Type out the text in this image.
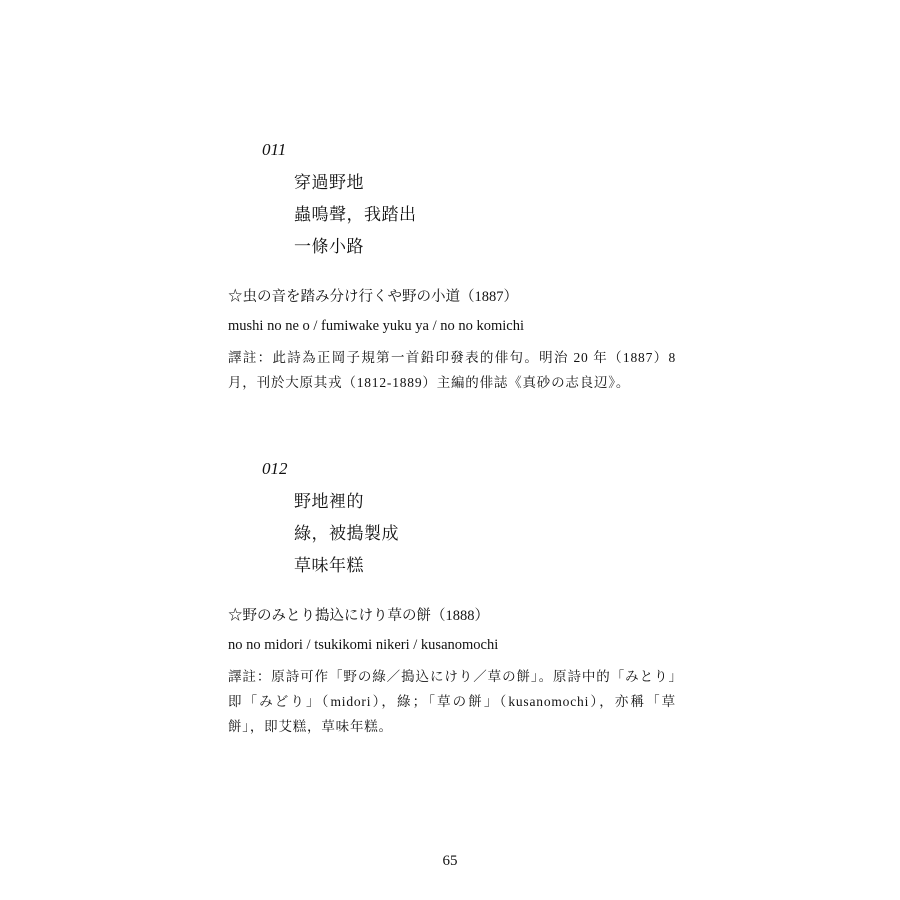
011
穿過野地
蟲鳴聲，我踏出
一條小路
☆虫の音を踏み分け行くや野の小道（1887）
mushi no ne o / fumiwake yuku ya / no no komichi
譯註：此詩為正岡子規第一首鉛印發表的俳句。明治 20 年（1887）8 月，刊於大原其戎（1812-1889）主編的俳誌《真砂の志良辺》。
012
野地裡的
綠，被搗製成
草味年糕
☆野のみとり搗込にけり草の餅（1888）
no no midori / tsukikomi nikeri / kusanomochi
譯註：原詩可作「野の綠／搗込にけり／草の餅」。原詩中的「みとり」即「みどり」（midori），綠；「草の餅」（kusanomochi），亦稱「草餅」，即艾糕，草味年糕。
65
